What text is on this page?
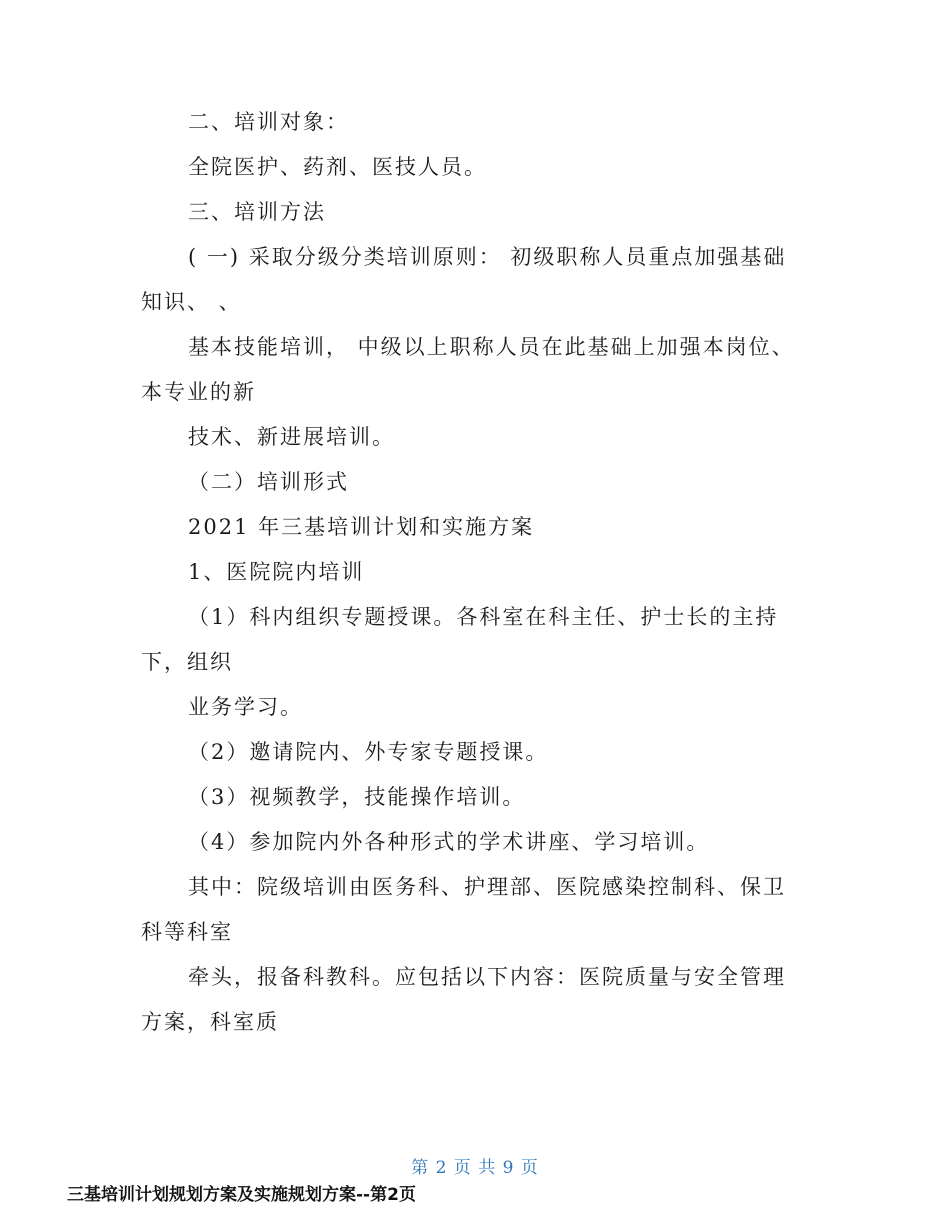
二、培训对象：
全院医护、药剂、医技人员。
三、培训方法
( 一) 采取分级分类培训原则： 初级职称人员重点加强基础
知识、 、
基本技能培训， 中级以上职称人员在此基础上加强本岗位、
本专业的新
技术、新进展培训。
（二）培训形式
2021 年三基培训计划和实施方案
1、医院院内培训
（1）科内组织专题授课。各科室在科主任、护士长的主持
下，组织
业务学习。
（2）邀请院内、外专家专题授课。
（3）视频教学，技能操作培训。
（4）参加院内外各种形式的学术讲座、学习培训。
其中：院级培训由医务科、护理部、医院感染控制科、保卫
科等科室
牵头，报备科教科。应包括以下内容：医院质量与安全管理
方案，科室质
第 2 页 共 9 页
三基培训计划规划方案及实施规划方案--第2页
